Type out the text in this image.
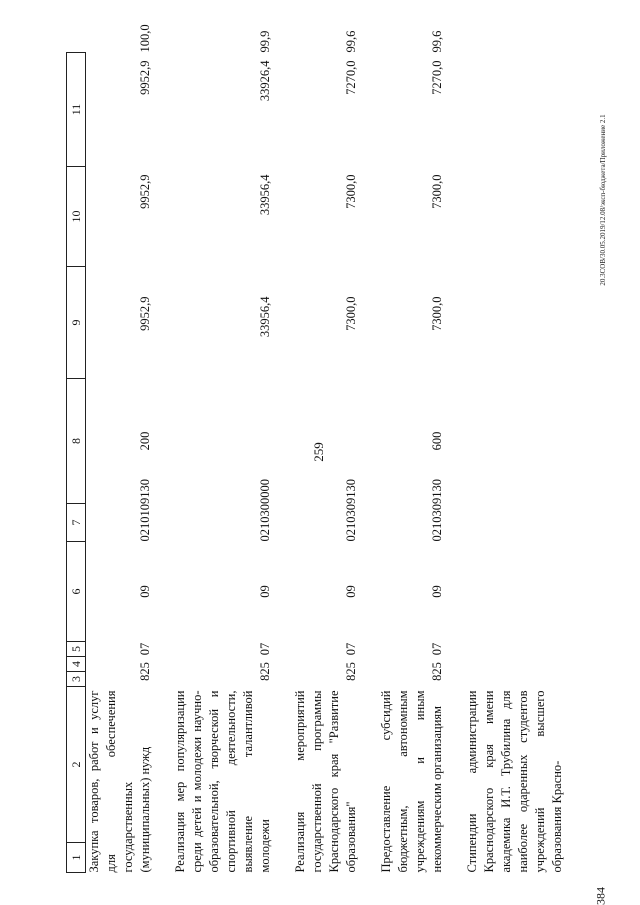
259
20.3СОВ/30.05.2019/12.08/эксп-бюджета/Приложение 2.1
384
1	2	3	4	5	6	7	8	9	10	11	
Закупка товаров, работ и услуг для обеспечения государственных (муниципальных) нужд		825		07	09	0210109130	200	9952,9	9952,9	9952,9	100,0
Реализация мер популяризации среди детей и молодежи научно-образовательной, творческой и спортивной деятельности, выявление талантливой молодежи		825		07	09	0210300000		33956,4	33956,4	33926,4	99,9
Реализация мероприятий государственной программы Краснодарского края "Развитие образования"		825		07	09	0210309130		7300,0	7300,0	7270,0	99,6
Предоставление субсидий бюджетным, автономным учреждениям и иным некоммерческим организациям		825		07	09	0210309130	600	7300,0	7300,0	7270,0	99,6
Стипендии администрации Краснодарского края имени академика И.Т. Трубилина для наиболее одаренных студентов учреждений высшего образования Красно-											
